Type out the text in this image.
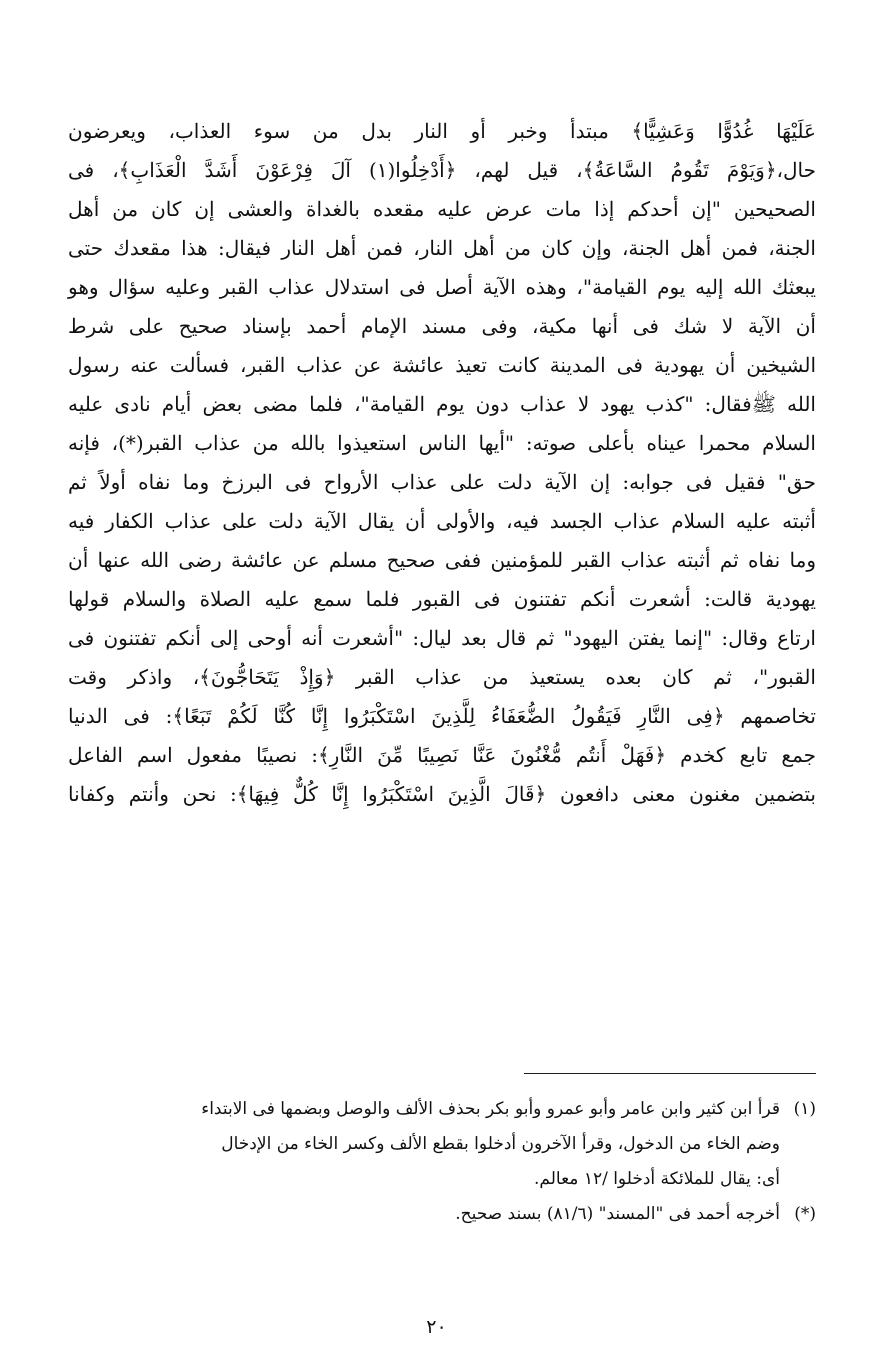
عَلَيْهَا غُدُوًّا وَعَشِيًّا﴾ مبتدأ وخبر أو النار بدل من سوء العذاب، ويعرضون

حال،﴿وَيَوْمَ تَقُومُ السَّاعَةُ﴾، قيل لهم، ﴿أَدْخِلُوا(١) آلَ فِرْعَوْنَ أَشَدَّ الْعَذَابِ﴾، فى

الصحيحين "إن أحدكم إذا مات عرض عليه مقعده بالغداة والعشى إن كان من أهل

الجنة، فمن أهل الجنة، وإن كان من أهل النار، فمن أهل النار فيقال: هذا مقعدك حتى

يبعثك الله إليه يوم القيامة"، وهذه الآية أصل فى استدلال عذاب القبر وعليه سؤال وهو

أن الآية لا شك فى أنها مكية، وفى مسند الإمام أحمد بإسناد صحيح على شرط

الشيخين أن يهودية فى المدينة كانت تعيذ عائشة عن عذاب القبر، فسألت عنه رسول

الله ﷺفقال: "كذب يهود لا عذاب دون يوم القيامة"، فلما مضى بعض أيام نادى عليه

السلام محمرا عيناه بأعلى صوته: "أيها الناس استعيذوا بالله من عذاب القبر(*)، فإنه

حق" فقيل فى جوابه: إن الآية دلت على عذاب الأرواح فى البرزخ وما نفاه أولاً ثم

أثبته عليه السلام عذاب الجسد فيه، والأولى أن يقال الآية دلت على عذاب الكفار فيه

وما نفاه ثم أثبته عذاب القبر للمؤمنين ففى صحيح مسلم عن عائشة رضى الله عنها أن

يهودية قالت: أشعرت أنكم تفتنون فى القبور فلما سمع عليه الصلاة والسلام قولها

ارتاع وقال: "إنما يفتن اليهود" ثم قال بعد ليال: "أشعرت أنه أوحى إلى أنكم تفتنون فى

القبور"، ثم كان بعده يستعيذ من عذاب القبر ﴿وَإِذْ يَتَحَاجُّونَ﴾، واذكر وقت

تخاصمهم ﴿فِى النَّارِ فَيَقُولُ الضُّعَفَاءُ لِلَّذِينَ اسْتَكْبَرُوا إِنَّا كُنَّا لَكُمْ تَبَعًا﴾: فى الدنيا

جمع تابع كخدم ﴿فَهَلْ أَنتُم مُّغْنُونَ عَنَّا نَصِيبًا مِّنَ النَّارِ﴾: نصيبًا مفعول اسم الفاعل

بتضمين مغنون معنى دافعون ﴿قَالَ الَّذِينَ اسْتَكْبَرُوا إِنَّا كُلٌّ فِيهَا﴾: نحن وأنتم وكفانا

(١)قرأ ابن كثير وابن عامر وأبو عمرو وأبو بكر بحذف الألف والوصل وبضمها فى الابتداء

وضم الخاء من الدخول، وقرأ الآخرون أدخلوا بقطع الألف وكسر الخاء من الإدخال

أى: يقال للملائكة أدخلوا /١٢ معالم.

(*)أخرجه أحمد فى "المسند" (٨١/٦) بسند صحيح.

٢٠
